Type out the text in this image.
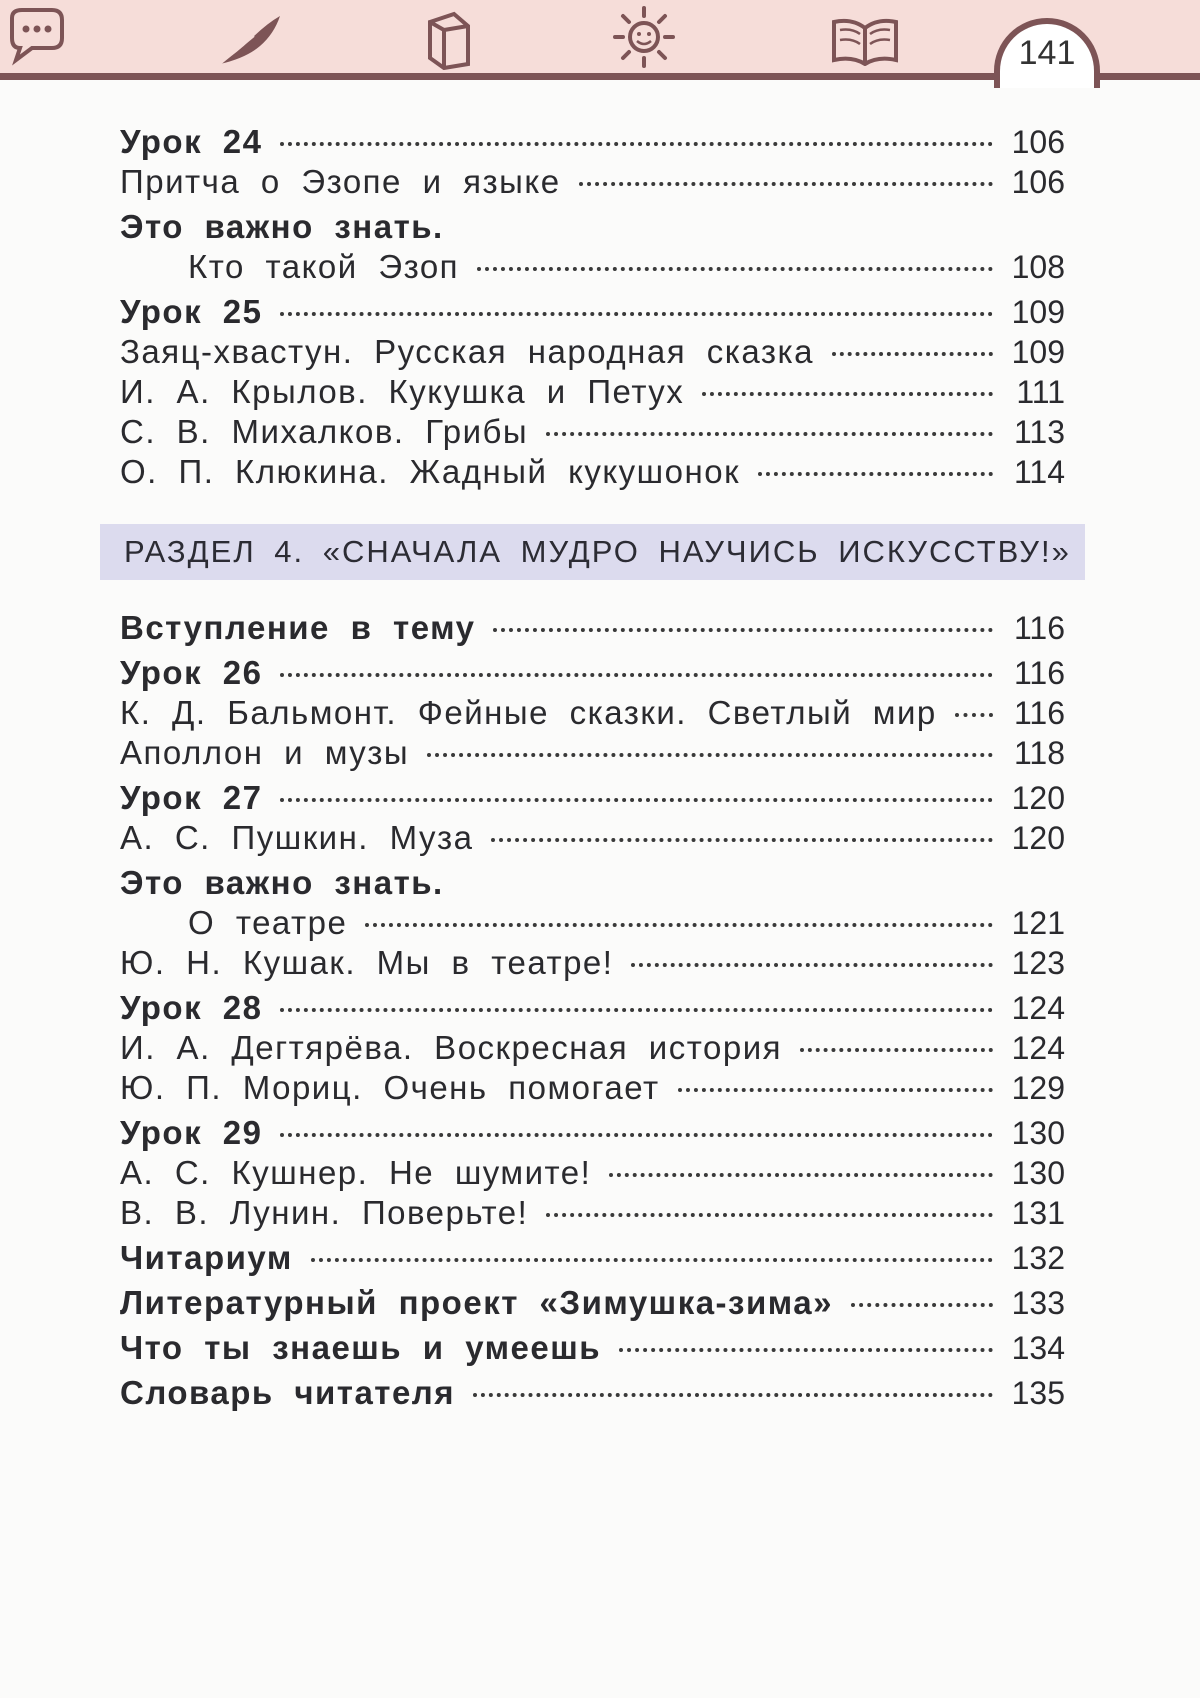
141
Урок 24	106
Притча о Эзопе и языке	106
Это важно знать.
Кто такой Эзоп	108
Урок 25	109
Заяц-хвастун. Русская народная сказка	109
И. А. Крылов. Кукушка и Петух	111
С. В. Михалков. Грибы	113
О. П. Клюкина. Жадный кукушонок	114
РАЗДЕЛ 4. «СНАЧАЛА МУДРО НАУЧИСЬ ИСКУССТВУ!»
Вступление в тему	116
Урок 26	116
К. Д. Бальмонт. Фейные сказки. Светлый мир	116
Аполлон и музы	118
Урок 27	120
А. С. Пушкин. Муза	120
Это важно знать.
О театре	121
Ю. Н. Кушак. Мы в театре!	123
Урок 28	124
И. А. Дегтярёва. Воскресная история	124
Ю. П. Мориц. Очень помогает	129
Урок 29	130
А. С. Кушнер. Не шумите!	130
В. В. Лунин. Поверьте!	131
Читариум	132
Литературный проект «Зимушка-зима»	133
Что ты знаешь и умеешь	134
Словарь читателя	135
